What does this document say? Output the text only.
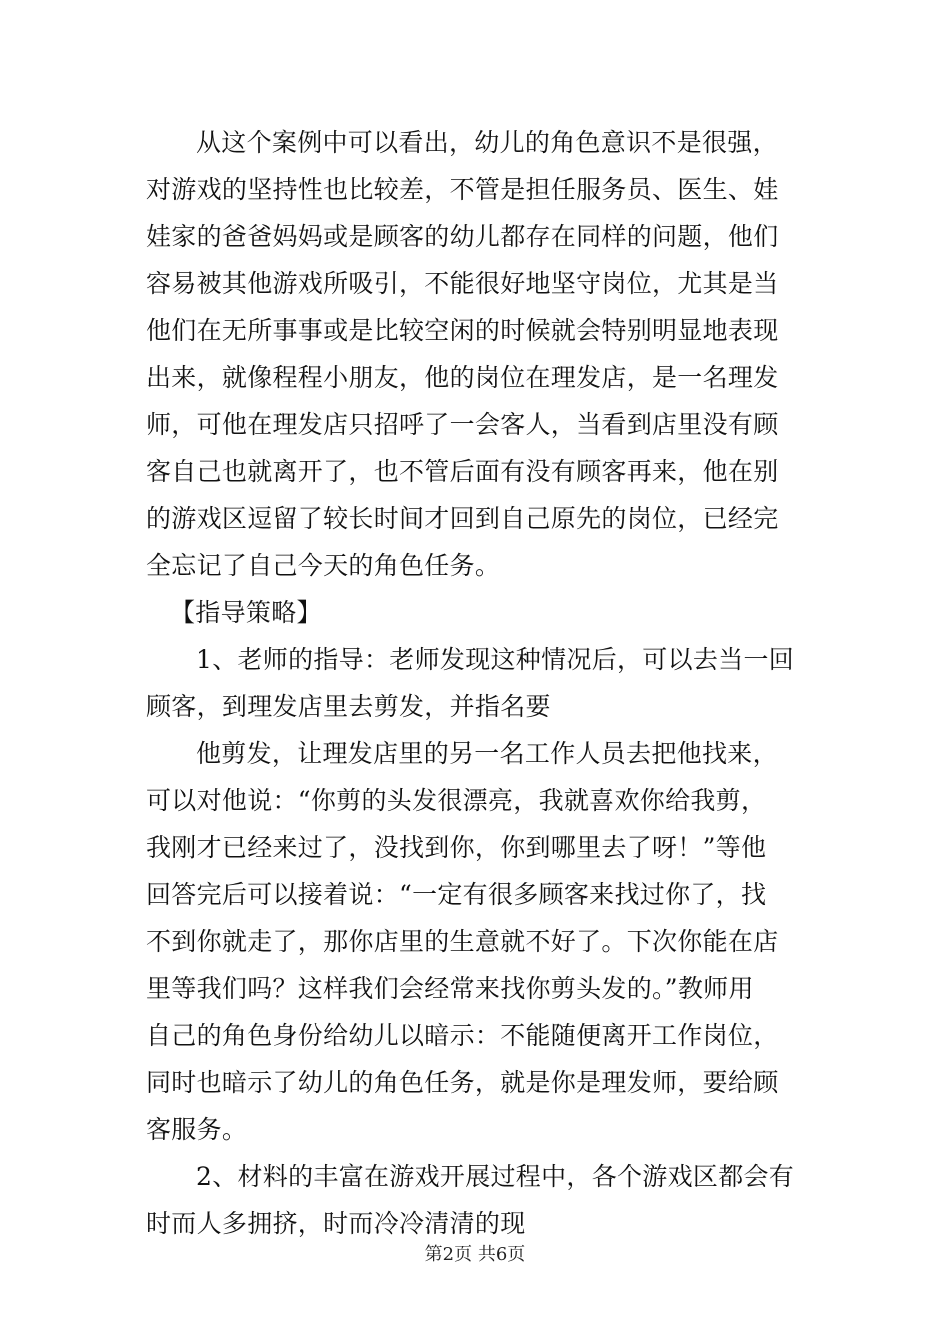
从这个案例中可以看出，幼儿的角色意识不是很强，
对游戏的坚持性也比较差，不管是担任服务员、医生、娃
娃家的爸爸妈妈或是顾客的幼儿都存在同样的问题，他们
容易被其他游戏所吸引，不能很好地坚守岗位，尤其是当
他们在无所事事或是比较空闲的时候就会特别明显地表现
出来，就像程程小朋友，他的岗位在理发店，是一名理发
师，可他在理发店只招呼了一会客人，当看到店里没有顾
客自己也就离开了，也不管后面有没有顾客再来，他在别
的游戏区逗留了较长时间才回到自己原先的岗位，已经完
全忘记了自己今天的角色任务。
【指导策略】
1、老师的指导：老师发现这种情况后，可以去当一回
顾客，到理发店里去剪发，并指名要
他剪发，让理发店里的另一名工作人员去把他找来，
可以对他说：“你剪的头发很漂亮，我就喜欢你给我剪，
我刚才已经来过了，没找到你，你到哪里去了呀！”等他
回答完后可以接着说：“一定有很多顾客来找过你了，找
不到你就走了，那你店里的生意就不好了。下次你能在店
里等我们吗？这样我们会经常来找你剪头发的。”教师用
自己的角色身份给幼儿以暗示：不能随便离开工作岗位，
同时也暗示了幼儿的角色任务，就是你是理发师，要给顾
客服务。
2、材料的丰富在游戏开展过程中，各个游戏区都会有
时而人多拥挤，时而冷冷清清的现
第2页 共6页
